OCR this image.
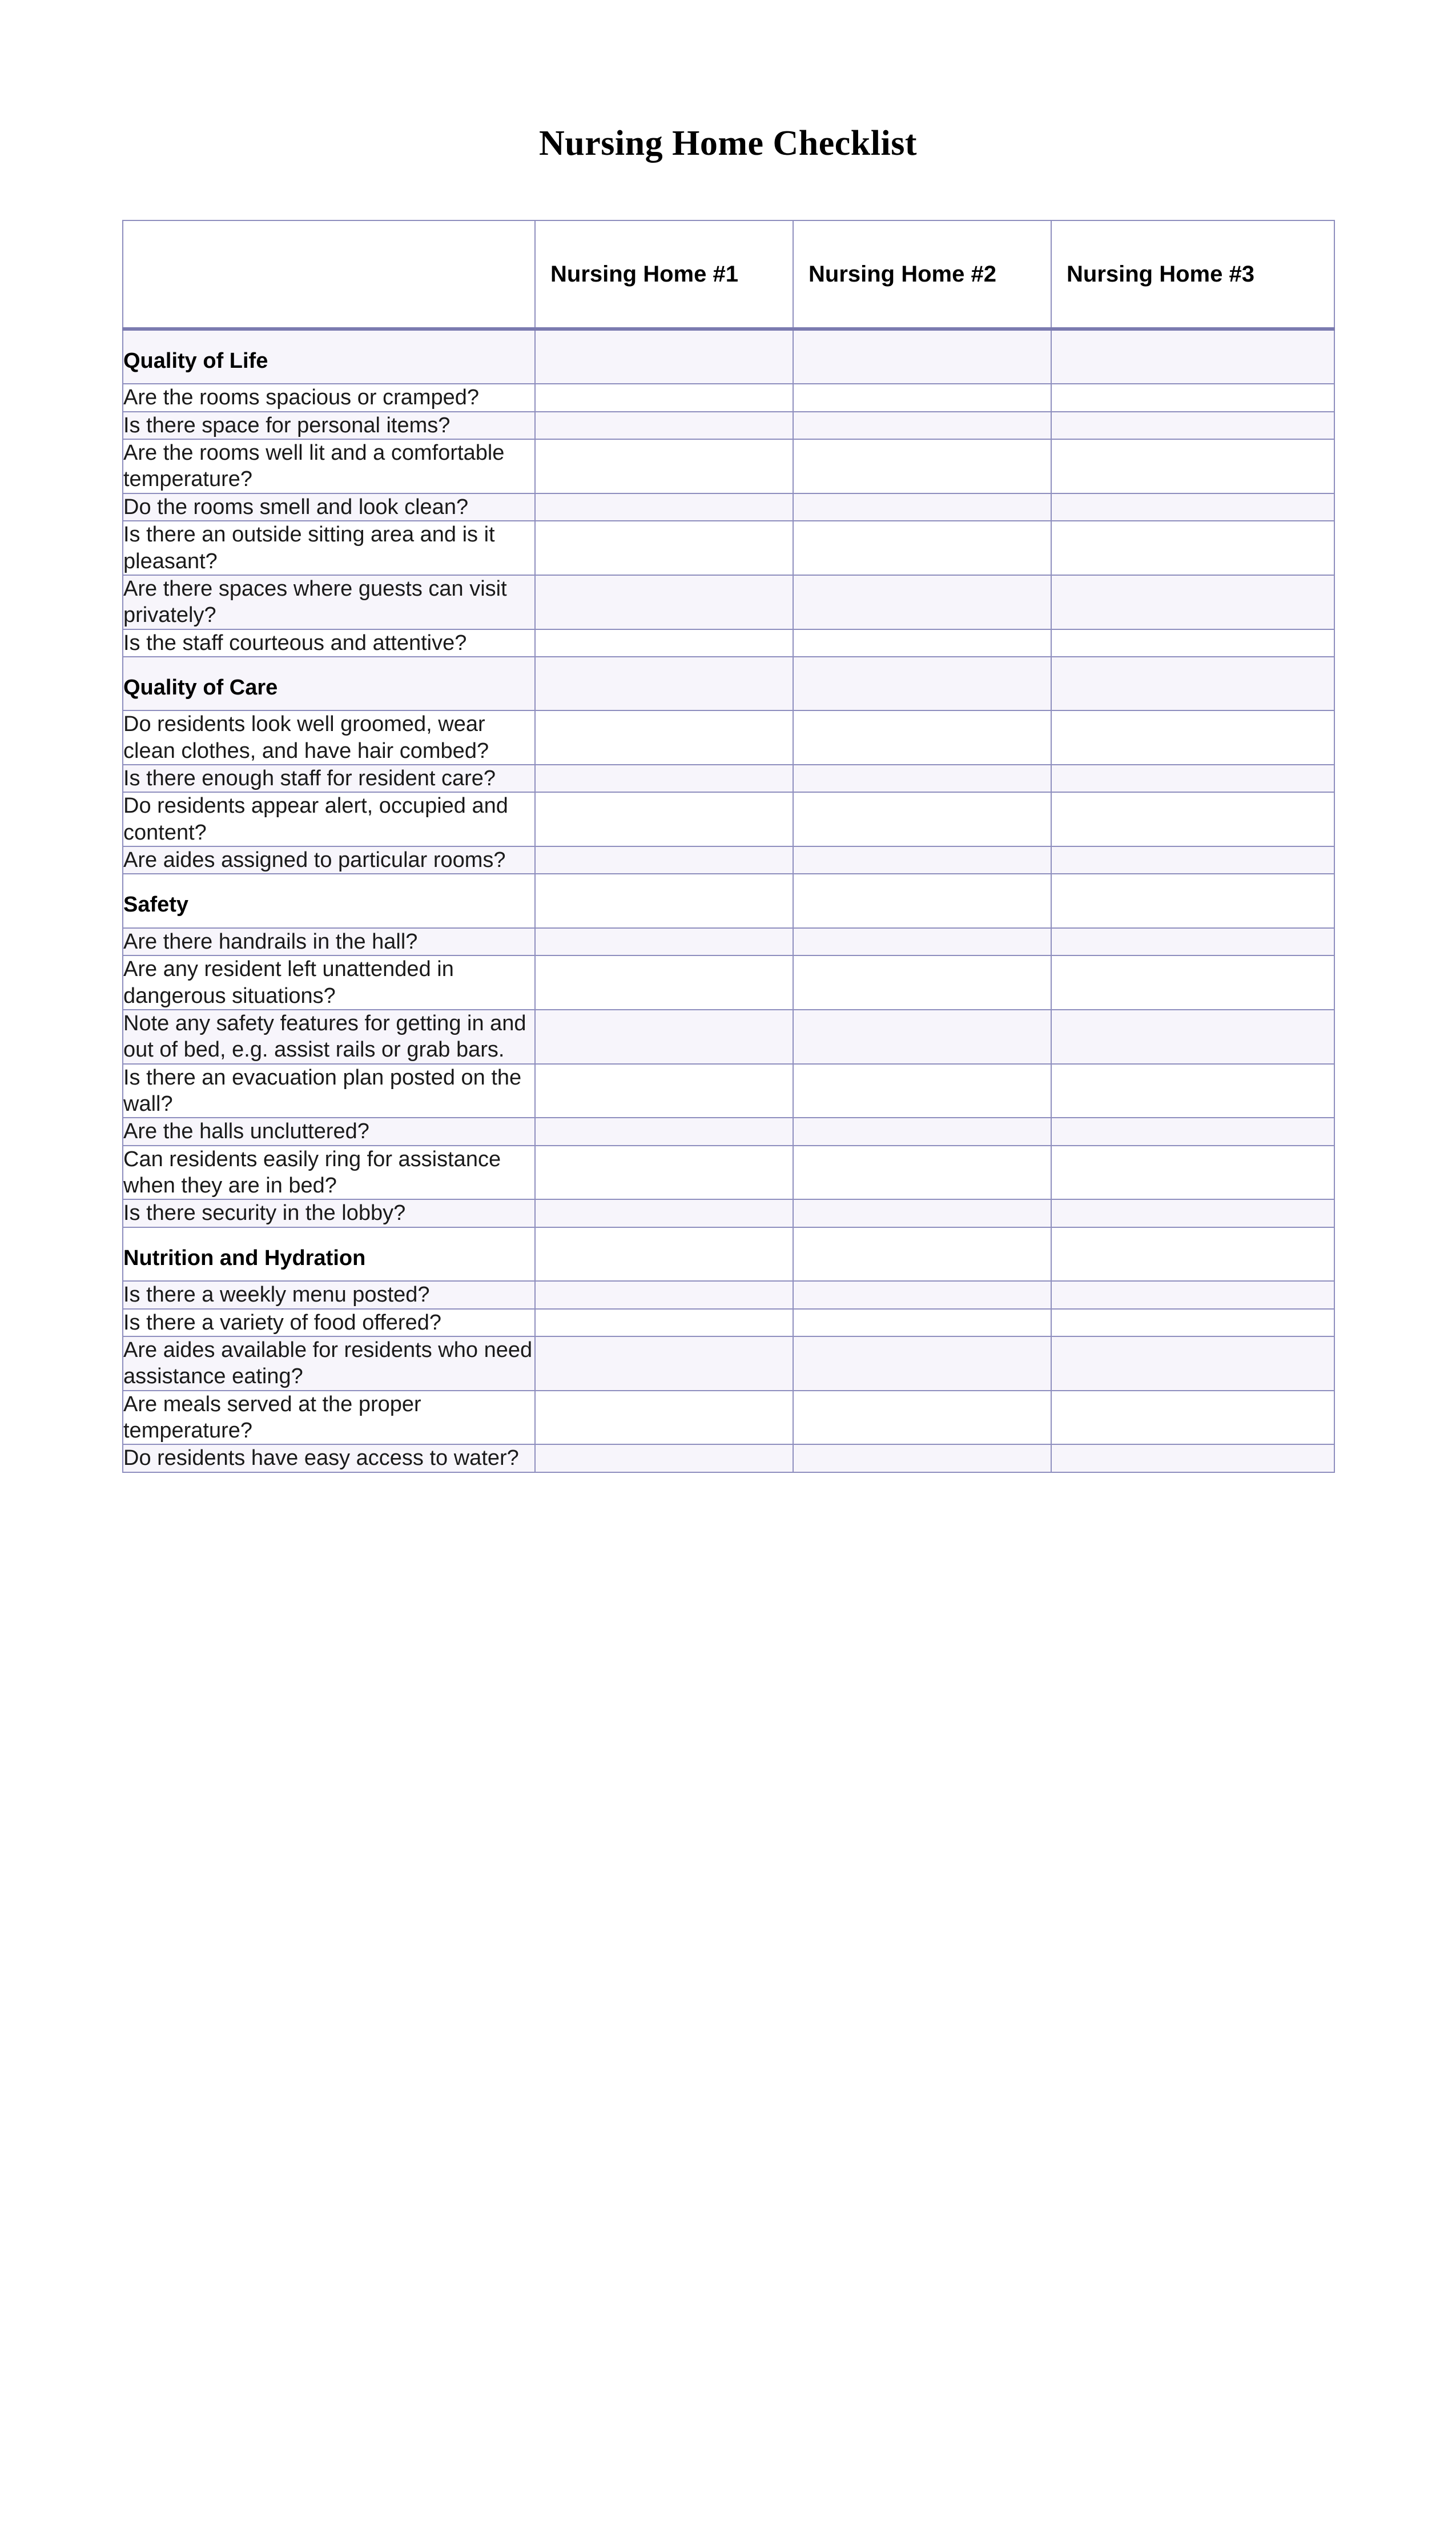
Nursing Home Checklist
	Nursing Home #1	Nursing Home #2	Nursing Home #3
Quality of Life			
Are the rooms spacious or cramped?			
Is there space for personal items?			
Are the rooms well lit and a comfortable temperature?			
Do the rooms smell and look clean?			
Is there an outside sitting area and is it pleasant?			
Are there spaces where guests can visit privately?			
Is the staff courteous and attentive?			
Quality of Care			
Do residents look well groomed, wear clean clothes, and have hair combed?			
Is there enough staff for resident care?			
Do residents appear alert, occupied and content?			
Are aides assigned to particular rooms?			
Safety			
Are there handrails in the hall?			
Are any resident left unattended in dangerous situations?			
Note any safety features for getting in and out of bed, e.g. assist rails or grab bars.			
Is there an evacuation plan posted on the wall?			
Are the halls uncluttered?			
Can residents easily ring for assistance when they are in bed?			
Is there security in the lobby?			
Nutrition and Hydration			
Is there a weekly menu posted?			
Is there a variety of food offered?			
Are aides available for residents who need assistance eating?			
Are meals served at the proper temperature?			
Do residents have easy access to water?			
